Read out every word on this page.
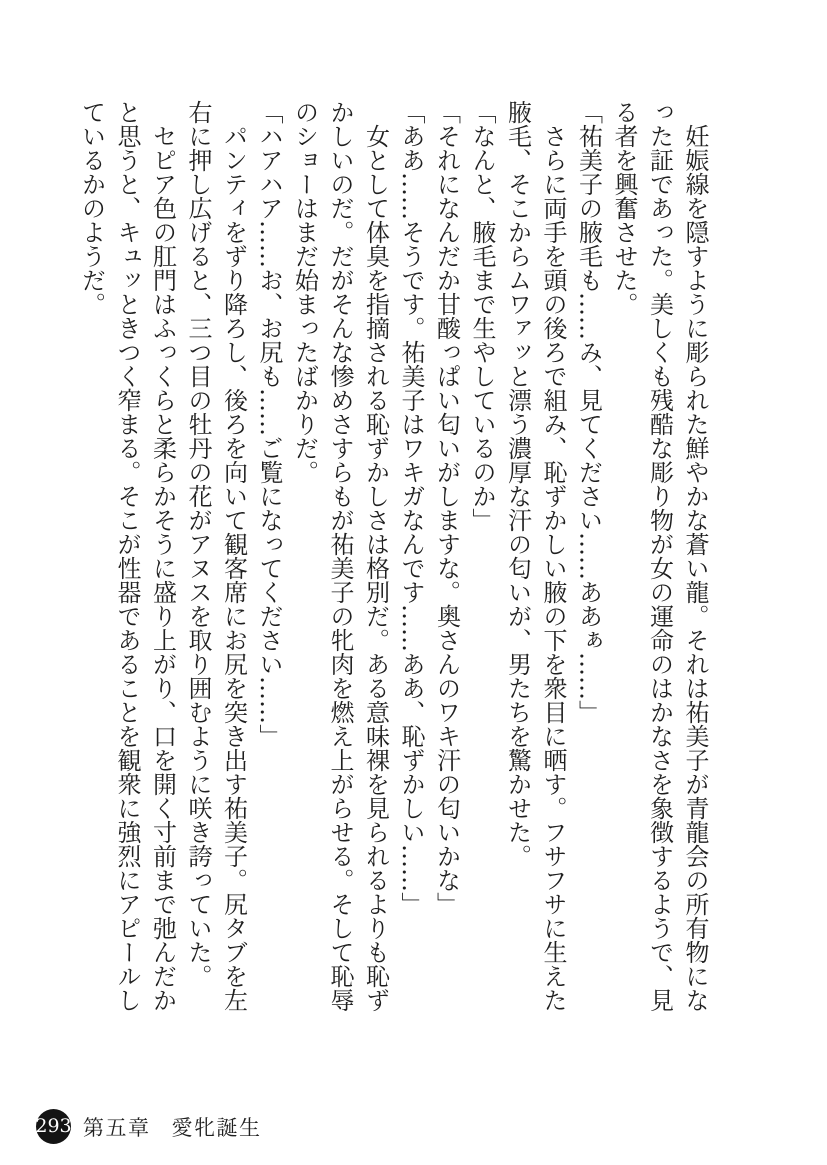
妊娠線を隠すように彫られた鮮やかな蒼い龍。それは祐美子が青龍会の所有物にな
った証であった。美しくも残酷な彫り物が女の運命のはかなさを象徴するようで、見
る者を興奮させた。
「祐美子の腋毛も……み、見てください……ああぁ……」
さらに両手を頭の後ろで組み、恥ずかしい腋の下を衆目に晒す。フサフサに生えた
腋毛、そこからムワァッと漂う濃厚な汗の匂いが、男たちを驚かせた。
「なんと、腋毛まで生やしているのか」
「それになんだか甘酸っぱい匂いがしますな。奥さんのワキ汗の匂いかな」
「ああ……そうです。祐美子はワキガなんです……ああ、恥ずかしい……」
女として体臭を指摘される恥ずかしさは格別だ。ある意味裸を見られるよりも恥ず
かしいのだ。だがそんな惨めさすらもが祐美子の牝肉を燃え上がらせる。そして恥辱
のショーはまだ始まったばかりだ。
「ハアハア……お、お尻も……ご覧になってください……」
パンティをずり降ろし、後ろを向いて観客席にお尻を突き出す祐美子。尻タブを左
右に押し広げると、三つ目の牡丹の花がアヌスを取り囲むように咲き誇っていた。
セピア色の肛門はふっくらと柔らかそうに盛り上がり、口を開く寸前まで弛んだか
と思うと、キュッときつく窄まる。そこが性器であることを観衆に強烈にアピールし
ているかのようだ。
293 第五章 愛牝誕生
